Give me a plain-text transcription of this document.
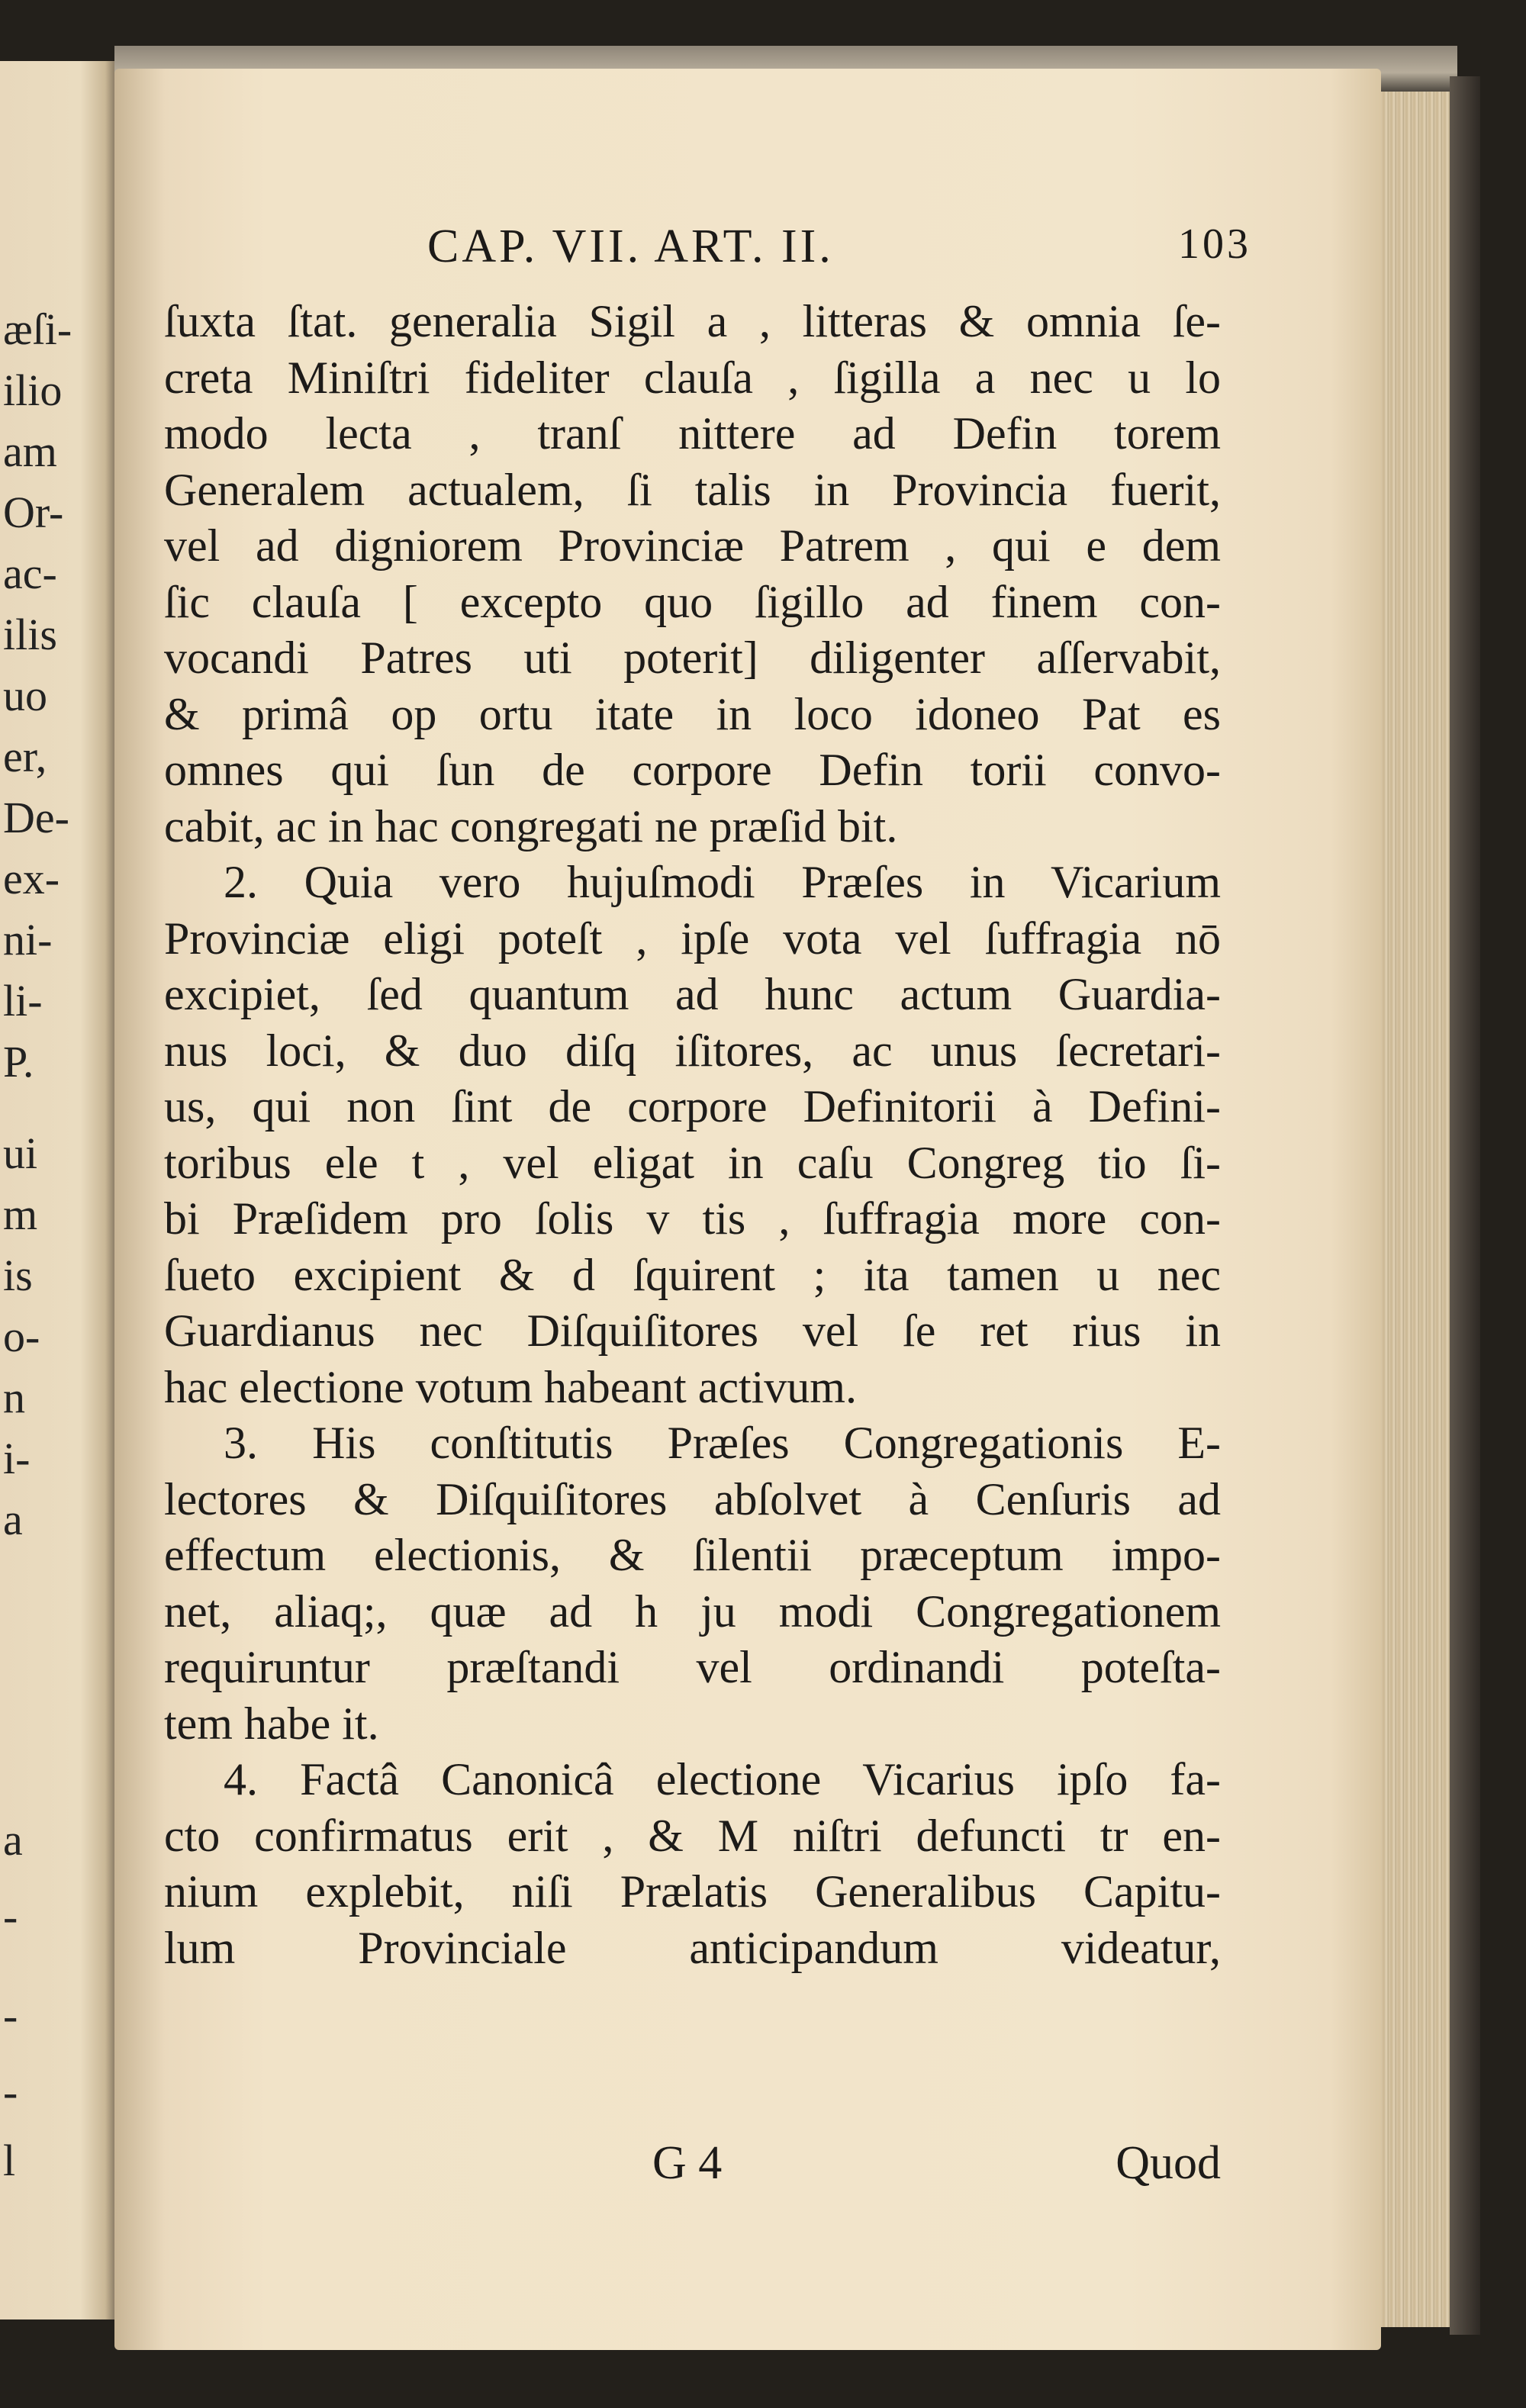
æſi-
ilio
am
Or-
ac-
ilis
uo
er,
De-
ex-
ni-
li-
P.
ui
m
is
o-
n
i-
a
a
-
-
-
l
CAP. VII. ART. II.	103
ſuxta ſtat. generalia Sigil a , litteras & omnia ſe-
creta Miniſtri fideliter clauſa , ſigilla a nec u lo
modo lecta , tranſ nittere ad Defin torem
Generalem actualem, ſi talis in Provincia fuerit,
vel ad digniorem Provinciæ Patrem , qui e dem
ſic clauſa [ excepto quo ſigillo ad finem con-
vocandi Patres uti poterit] diligenter aſſervabit,
& primâ op ortu itate in loco idoneo Pat es
omnes qui ſun de corpore Defin torii convo-
cabit, ac in hac congregati ne præſid bit.
2. Quia vero hujuſmodi Præſes in Vicarium
Provinciæ eligi poteſt , ipſe vota vel ſuffragia nō
excipiet, ſed quantum ad hunc actum Guardia-
nus loci, & duo diſq iſitores, ac unus ſecretari-
us, qui non ſint de corpore Definitorii à Defini-
toribus ele t , vel eligat in caſu Congreg tio ſi-
bi Præſidem pro ſolis v tis , ſuffragia more con-
ſueto excipient & d ſquirent ; ita tamen u nec
Guardianus nec Diſquiſitores vel ſe ret rius in
hac electione votum habeant activum.
3. His conſtitutis Præſes Congregationis E-
lectores & Diſquiſitores abſolvet à Cenſuris ad
effectum electionis, & ſilentii præceptum impo-
net, aliaq;, quæ ad h ju modi Congregationem
requiruntur præſtandi vel ordinandi poteſta-
tem habe it.
4. Factâ Canonicâ electione Vicarius ipſo fa-
cto confirmatus erit , & M niſtri defuncti tr en-
nium explebit, niſi Prælatis Generalibus Capitu-
lum Provinciale anticipandum videatur,
G 4	Quod
